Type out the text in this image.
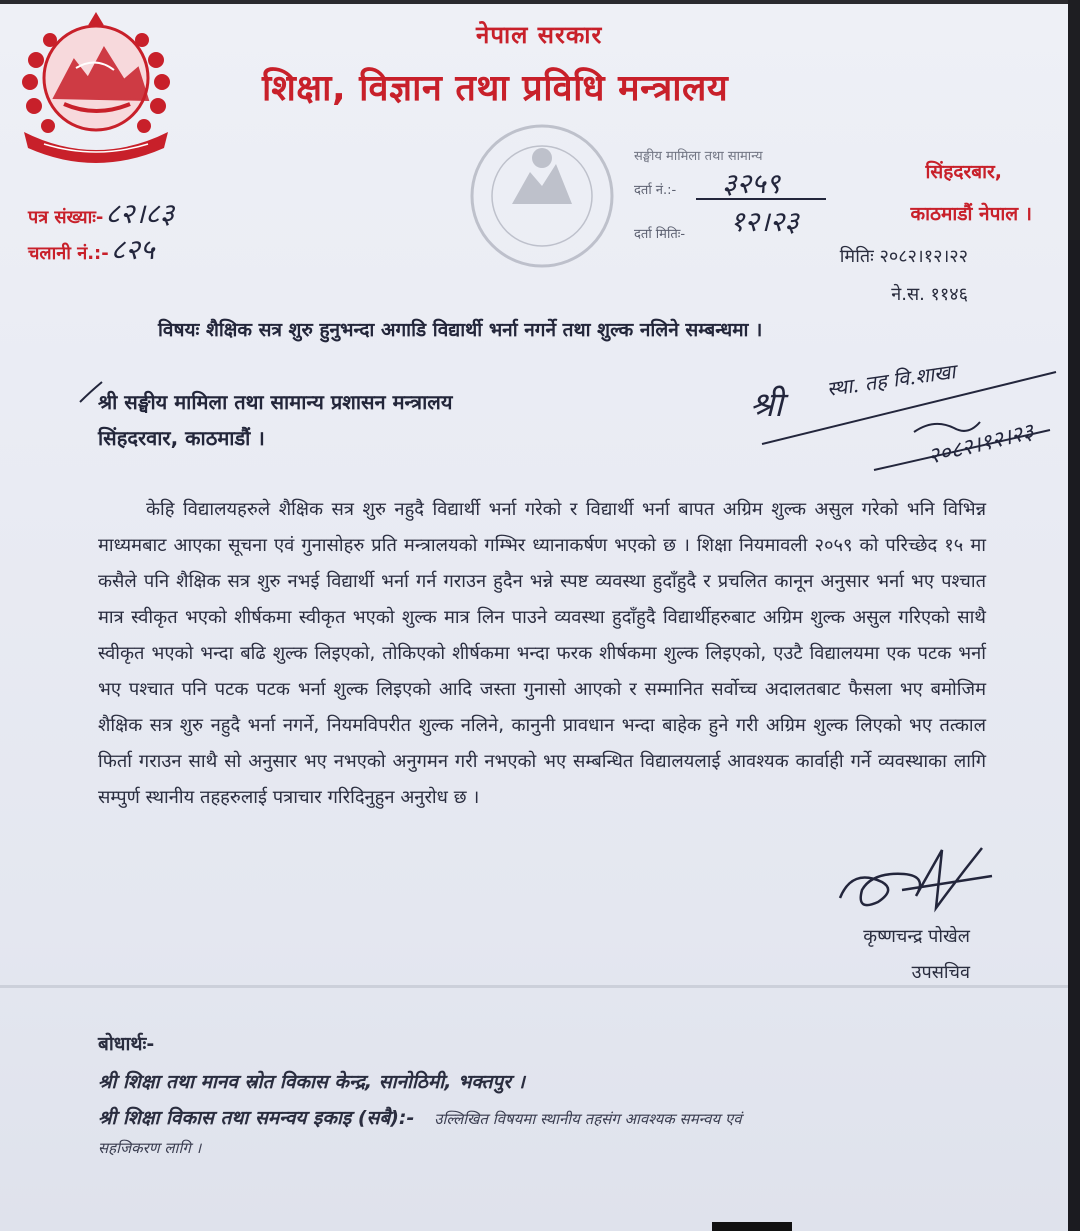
नेपाल सरकार
शिक्षा, विज्ञान तथा प्रविधि मन्त्रालय
पत्र संख्याः-८२।८३
चलानी नं.:-८२५
सङ्घीय मामिला तथा सामान्य
दर्ता नं.:- ३२५९
दर्ता मितिः- १२।२३
सिंहदरबार,
काठमाडौं नेपाल ।
मितिः २०८२।१२।२२
ने.स. ११४६
विषयः शैक्षिक सत्र शुरु हुनुभन्दा अगाडि विद्यार्थी भर्ना नगर्ने तथा शुल्क नलिने सम्बन्धमा ।
श्री सङ्घीय मामिला तथा सामान्य प्रशासन मन्त्रालय
सिंहदरवार, काठमाडौं ।
श्री
स्था. तह वि.शाखा
२०८२।१२।२३

केहि विद्यालयहरुले शैक्षिक सत्र शुरु नहुदै विद्यार्थी भर्ना गरेको र विद्यार्थी भर्ना बापत अग्रिम शुल्क असुल गरेको भनि विभिन्न माध्यमबाट आएका सूचना एवं गुनासोहरु प्रति मन्त्रालयको गम्भिर ध्यानाकर्षण भएको छ । शिक्षा नियमावली २०५९ को परिच्छेद १५ मा कसैले पनि शैक्षिक सत्र शुरु नभई विद्यार्थी भर्ना गर्न गराउन हुदैन भन्ने स्पष्ट व्यवस्था हुदाँहुदै र प्रचलित कानून अनुसार भर्ना भए पश्चात मात्र स्वीकृत भएको शीर्षकमा स्वीकृत भएको शुल्क मात्र लिन पाउने व्यवस्था हुदाँहुदै विद्यार्थीहरुबाट अग्रिम शुल्क असुल गरिएको साथै स्वीकृत भएको भन्दा बढि शुल्क लिइएको, तोकिएको शीर्षकमा भन्दा फरक शीर्षकमा शुल्क लिइएको, एउटै विद्यालयमा एक पटक भर्ना भए पश्चात पनि पटक पटक भर्ना शुल्क लिइएको आदि जस्ता गुनासो आएको र सम्मानित सर्वोच्च अदालतबाट फैसला भए बमोजिम शैक्षिक सत्र शुरु नहुदै भर्ना नगर्ने, नियमविपरीत शुल्क नलिने, कानुनी प्रावधान भन्दा बाहेक हुने गरी अग्रिम शुल्क लिएको भए तत्काल फिर्ता गराउन साथै सो अनुसार भए नभएको अनुगमन गरी नभएको भए सम्बन्धित विद्यालयलाई आवश्यक कार्वाही गर्ने व्यवस्थाका लागि सम्पुर्ण स्थानीय तहहरुलाई पत्राचार गरिदिनुहुन अनुरोध छ ।

कृष्णचन्द्र पोखेल
उपसचिव
बोधार्थः-
श्री शिक्षा तथा मानव स्रोत विकास केन्द्र, सानोठिमी, भक्तपुर ।
श्री शिक्षा विकास तथा समन्वय इकाइ (सबै):- उल्लिखित विषयमा स्थानीय तहसंग आवश्यक समन्वय एवं
सहजिकरण लागि ।
